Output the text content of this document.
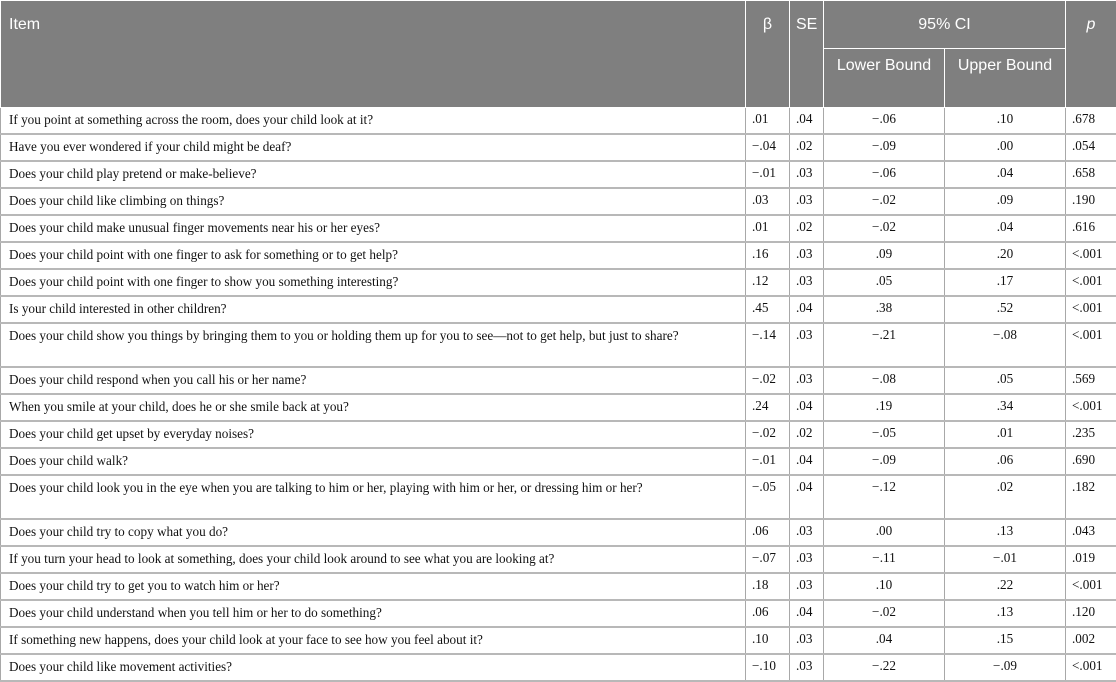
Item	β	SE	95% CI		p
			Lower Bound	Upper Bound	
If you point at something across the room, does your child look at it?	.01	.04	−.06	.10	.678
Have you ever wondered if your child might be deaf?	−.04	.02	−.09	.00	.054
Does your child play pretend or make-believe?	−.01	.03	−.06	.04	.658
Does your child like climbing on things?	.03	.03	−.02	.09	.190
Does your child make unusual finger movements near his or her eyes?	.01	.02	−.02	.04	.616
Does your child point with one finger to ask for something or to get help?	.16	.03	.09	.20	<.001
Does your child point with one finger to show you something interesting?	.12	.03	.05	.17	<.001
Is your child interested in other children?	.45	.04	.38	.52	<.001
Does your child show you things by bringing them to you or holding them up for you to see—not to get help, but just to share?	−.14	.03	−.21	−.08	<.001
Does your child respond when you call his or her name?	−.02	.03	−.08	.05	.569
When you smile at your child, does he or she smile back at you?	.24	.04	.19	.34	<.001
Does your child get upset by everyday noises?	−.02	.02	−.05	.01	.235
Does your child walk?	−.01	.04	−.09	.06	.690
Does your child look you in the eye when you are talking to him or her, playing with him or her, or dressing him or her?	−.05	.04	−.12	.02	.182
Does your child try to copy what you do?	.06	.03	.00	.13	.043
If you turn your head to look at something, does your child look around to see what you are looking at?	−.07	.03	−.11	−.01	.019
Does your child try to get you to watch him or her?	.18	.03	.10	.22	<.001
Does your child understand when you tell him or her to do something?	.06	.04	−.02	.13	.120
If something new happens, does your child look at your face to see how you feel about it?	.10	.03	.04	.15	.002
Does your child like movement activities?	−.10	.03	−.22	−.09	<.001
